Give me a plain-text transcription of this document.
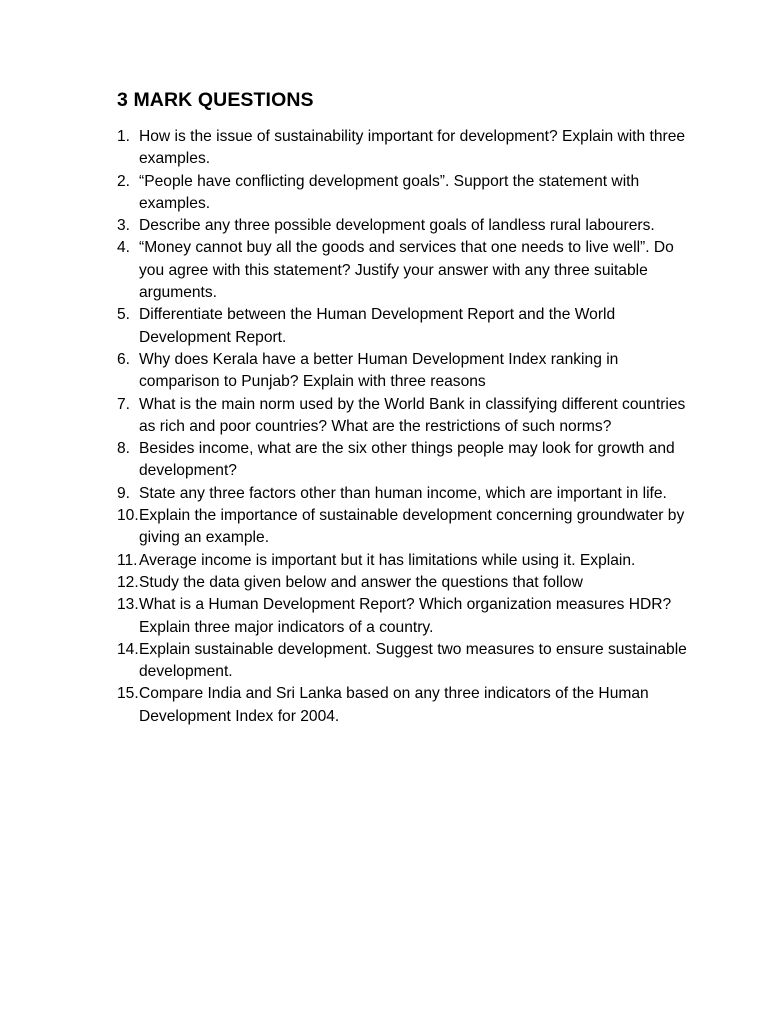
3 MARK QUESTIONS
1. How is the issue of sustainability important for development? Explain with three examples.
2. “People have conflicting development goals”. Support the statement with examples.
3. Describe any three possible development goals of landless rural labourers.
4. “Money cannot buy all the goods and services that one needs to live well”. Do you agree with this statement? Justify your answer with any three suitable arguments.
5. Differentiate between the Human Development Report and the World Development Report.
6. Why does Kerala have a better Human Development Index ranking in comparison to Punjab? Explain with three reasons
7. What is the main norm used by the World Bank in classifying different countries as rich and poor countries? What are the restrictions of such norms?
8. Besides income, what are the six other things people may look for growth and development?
9. State any three factors other than human income, which are important in life.
10. Explain the importance of sustainable development concerning groundwater by giving an example.
11. Average income is important but it has limitations while using it. Explain.
12. Study the data given below and answer the questions that follow
13. What is a Human Development Report? Which organization measures HDR? Explain three major indicators of a country.
14. Explain sustainable development. Suggest two measures to ensure sustainable development.
15. Compare India and Sri Lanka based on any three indicators of the Human Development Index for 2004.
